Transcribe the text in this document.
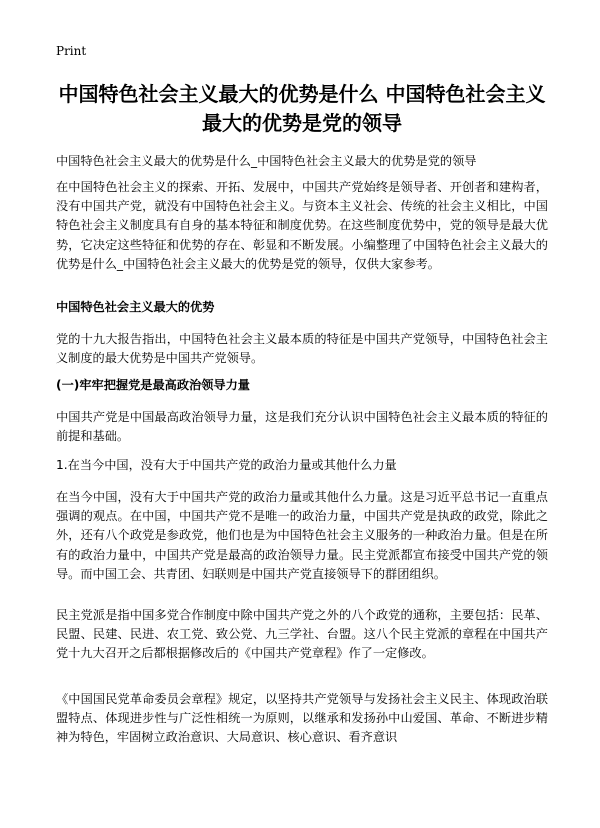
Print
中国特色社会主义最大的优势是什么 中国特色社会主义最大的优势是党的领导
中国特色社会主义最大的优势是什么_中国特色社会主义最大的优势是党的领导

在中国特色社会主义的探索、开拓、发展中，中国共产党始终是领导者、开创者和建构者，没有中国共产党，就没有中国特色社会主义。与资本主义社会、传统的社会主义相比，中国特色社会主义制度具有自身的基本特征和制度优势。在这些制度优势中，党的领导是最大优势，它决定这些特征和优势的存在、彰显和不断发展。小编整理了中国特色社会主义最大的优势是什么_中国特色社会主义最大的优势是党的领导，仅供大家参考。

中国特色社会主义最大的优势

党的十九大报告指出，中国特色社会主义最本质的特征是中国共产党领导，中国特色社会主义制度的最大优势是中国共产党领导。

(一)牢牢把握党是最高政治领导力量

中国共产党是中国最高政治领导力量，这是我们充分认识中国特色社会主义最本质的特征的前提和基础。

1.在当今中国，没有大于中国共产党的政治力量或其他什么力量

在当今中国，没有大于中国共产党的政治力量或其他什么力量。这是习近平总书记一直重点强调的观点。在中国，中国共产党不是唯一的政治力量，中国共产党是执政的政党，除此之外，还有八个政党是参政党，他们也是为中国特色社会主义服务的一种政治力量。但是在所有的政治力量中，中国共产党是最高的政治领导力量。民主党派都宣布接受中国共产党的领导。而中国工会、共青团、妇联则是中国共产党直接领导下的群团组织。

民主党派是指中国多党合作制度中除中国共产党之外的八个政党的通称，主要包括：民革、民盟、民建、民进、农工党、致公党、九三学社、台盟。这八个民主党派的章程在中国共产党十九大召开之后都根据修改后的《中国共产党章程》作了一定修改。

《中国国民党革命委员会章程》规定，以坚持共产党领导与发扬社会主义民主、体现政治联盟特点、体现进步性与广泛性相统一为原则，以继承和发扬孙中山爱国、革命、不断进步精神为特色，牢固树立政治意识、大局意识、核心意识、看齐意识
